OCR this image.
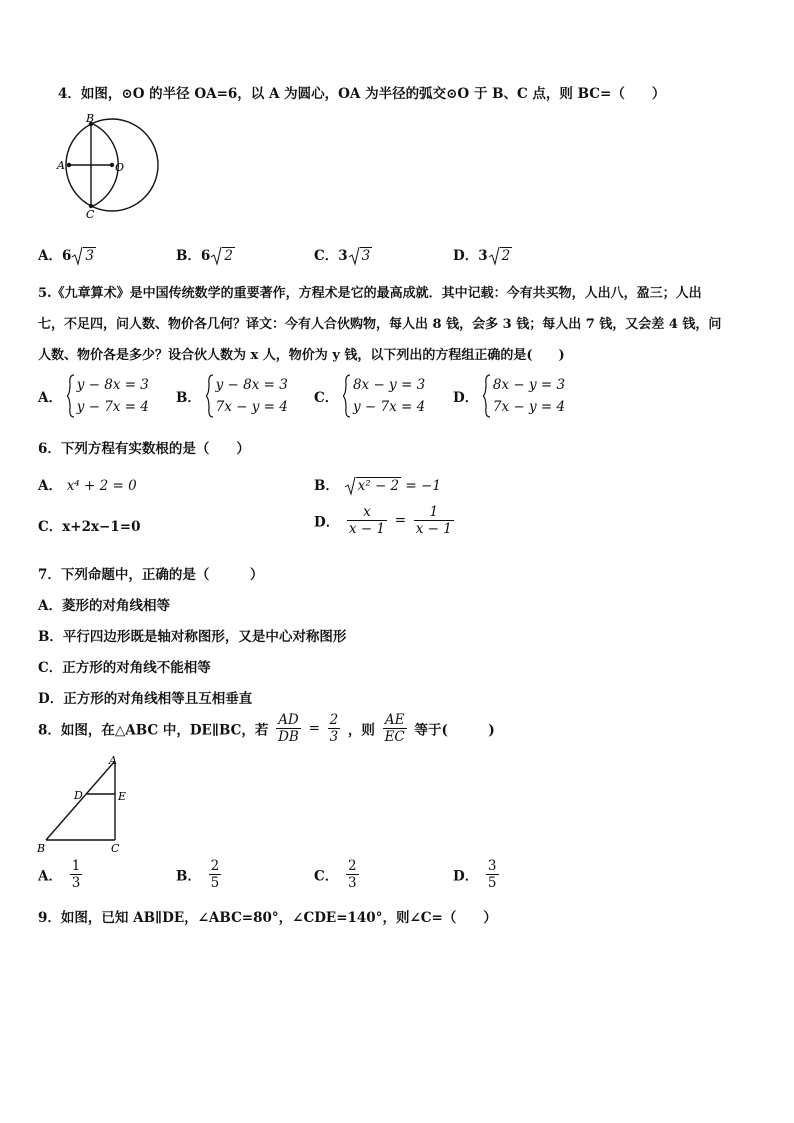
4．如图，⊙O 的半径 OA=6，以 A 为圆心，OA 为半径的弧交⊙O 于 B、C 点，则 BC=（　　）
B
A	O
C
A．6 3	B．6 2	C．3 3	D．3 2
5.《九章算术》是中国传统数学的重要著作，方程术是它的最高成就．其中记载：今有共买物，人出八，盈三；人出
七，不足四，问人数、物价各几何？译文：今有人合伙购物，每人出 8 钱，会多 3 钱；每人出 7 钱，又会差 4 钱，问
人数、物价各是多少？设合伙人数为 x 人，物价为 y 钱，以下列出的方程组正确的是(　　)
A．
y − 8x = 3
y − 7x = 4
B．
y − 8x = 3
7x − y = 4
C．
8x − y = 3
y − 7x = 4
D．
8x − y = 3
7x − y = 4
6．下列方程有实数根的是（　　）
A． x⁴ + 2 = 0	B． x² − 2 = −1
C．x+2x−1=0	D． $\frac{x}{x - 1} = \frac{1}{x - 1}$
7．下列命题中，正确的是（　　　）
A．菱形的对角线相等
B．平行四边形既是轴对称图形，又是中心对称图形
C．正方形的对角线不能相等
D．正方形的对角线相等且互相垂直
8．如图，在△ABC 中，DE∥BC，若 $\frac{AD}{DB} = \frac{2}{3}$ ，则 $\frac{AE}{EC}$ 等于(　　　)
A
D	E
B	C
A． $\frac{1}{3}$	B． $\frac{2}{5}$	C． $\frac{2}{3}$	D． $\frac{3}{5}$
9．如图，已知 AB∥DE，∠ABC=80°，∠CDE=140°，则∠C=（　　）
